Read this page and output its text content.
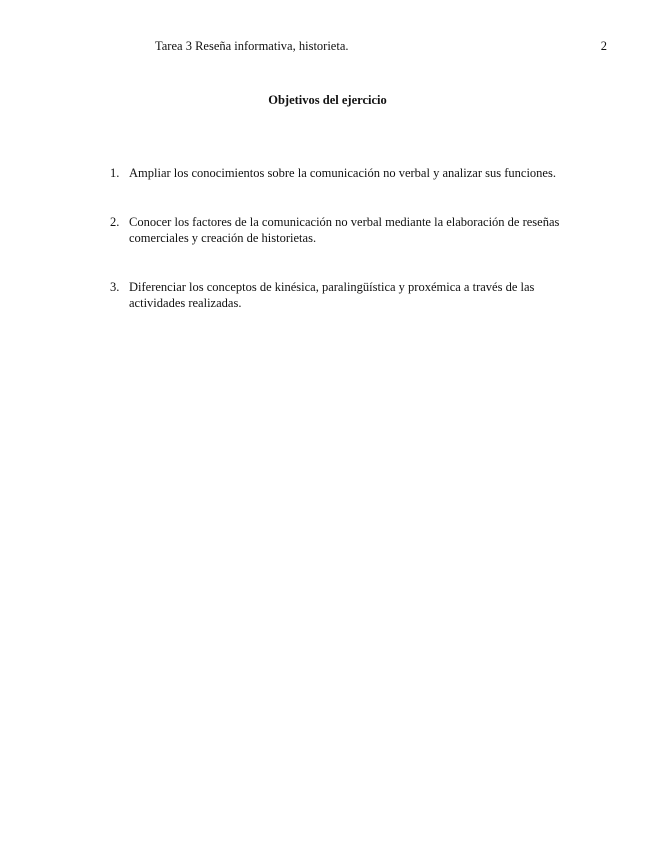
Tarea 3 Reseña informativa, historieta.	2
Objetivos del ejercicio
1. Ampliar los conocimientos sobre la comunicación no verbal y analizar sus funciones.
2. Conocer los factores de la comunicación no verbal mediante la elaboración de reseñas comerciales y creación de historietas.
3. Diferenciar los conceptos de kinésica, paralingüística y proxémica a través de las actividades realizadas.
